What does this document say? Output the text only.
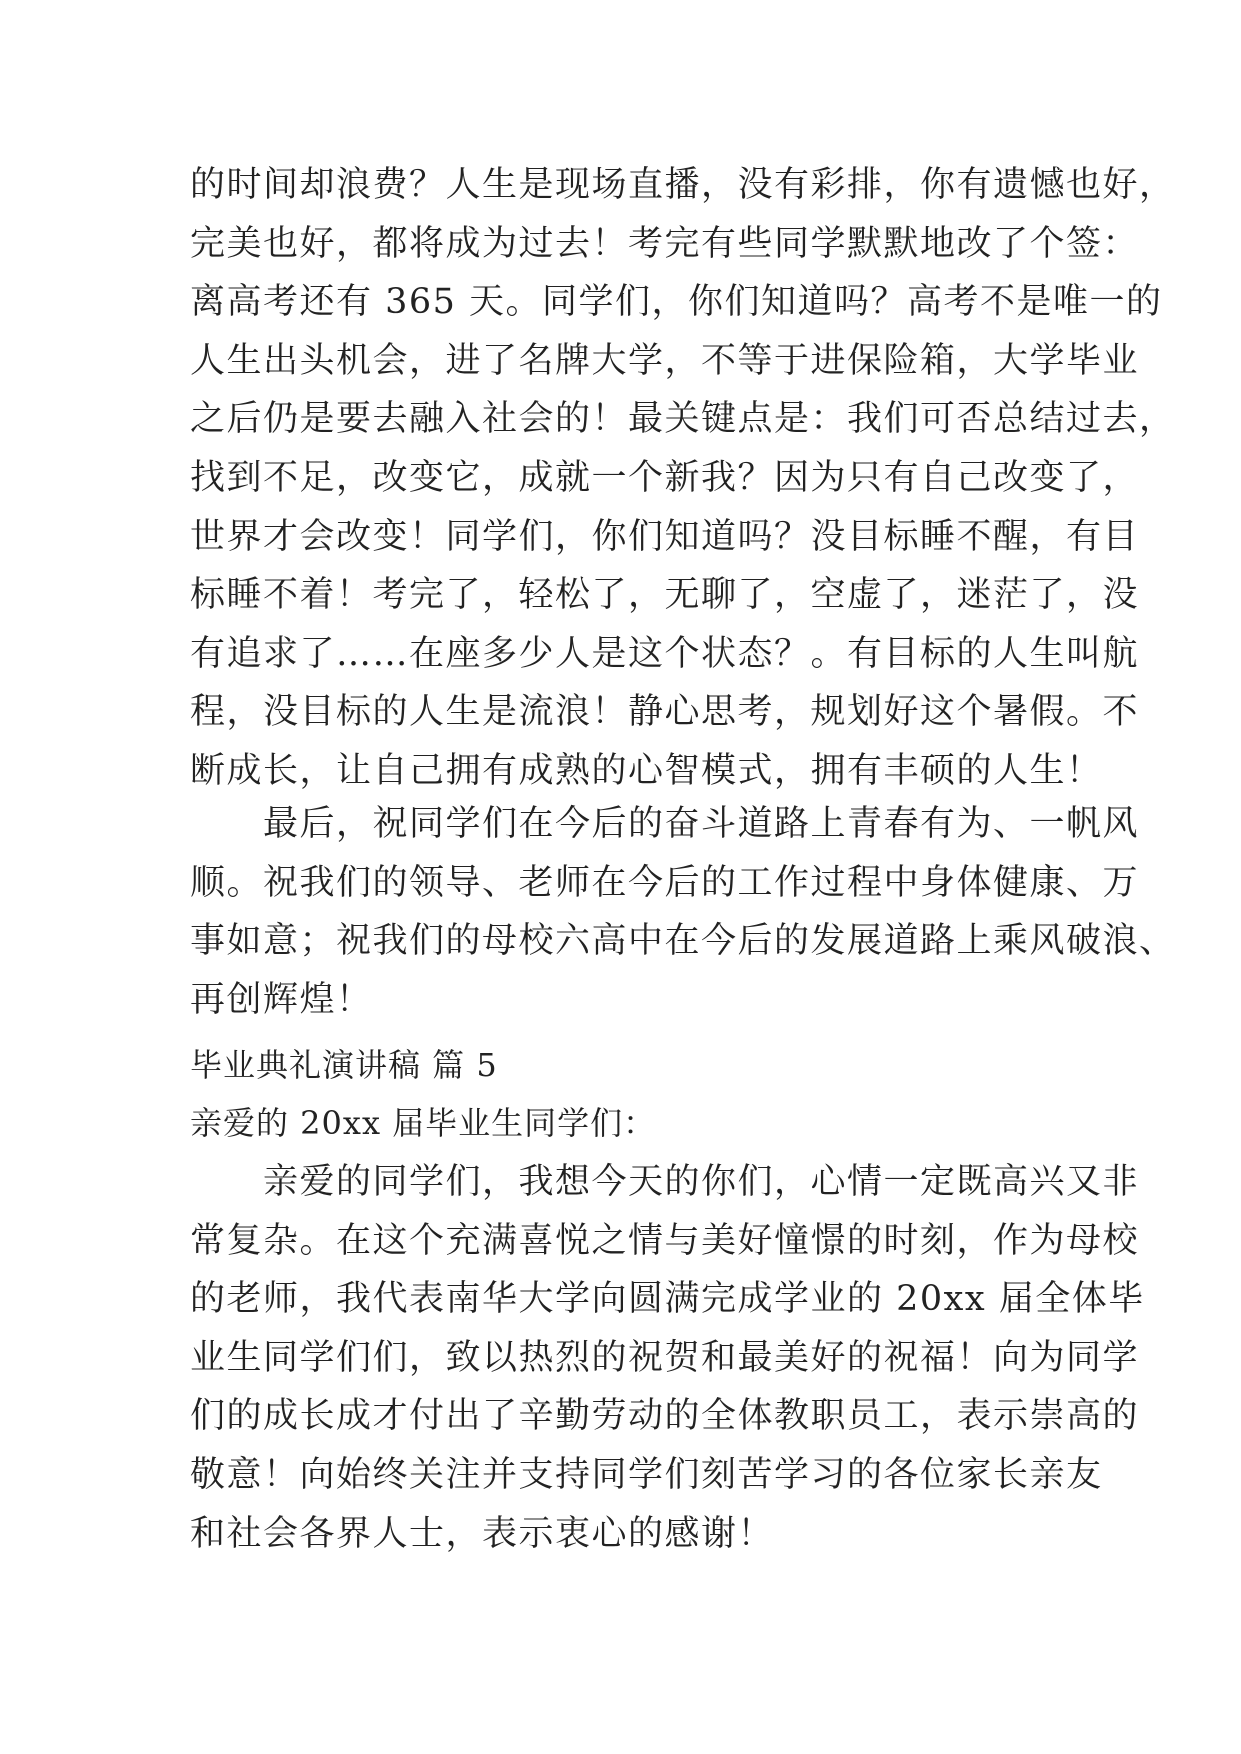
的时间却浪费？人生是现场直播，没有彩排，你有遗憾也好，
完美也好，都将成为过去！考完有些同学默默地改了个签：
离高考还有 365 天。同学们，你们知道吗？高考不是唯一的
人生出头机会，进了名牌大学，不等于进保险箱，大学毕业
之后仍是要去融入社会的！最关键点是：我们可否总结过去，
找到不足，改变它，成就一个新我？因为只有自己改变了，
世界才会改变！同学们，你们知道吗？没目标睡不醒，有目
标睡不着！考完了，轻松了，无聊了，空虚了，迷茫了，没
有追求了……在座多少人是这个状态？。有目标的人生叫航
程，没目标的人生是流浪！静心思考，规划好这个暑假。不
断成长，让自己拥有成熟的心智模式，拥有丰硕的人生！
　　最后，祝同学们在今后的奋斗道路上青春有为、一帆风
顺。祝我们的领导、老师在今后的工作过程中身体健康、万
事如意；祝我们的母校六高中在今后的发展道路上乘风破浪、
再创辉煌！
毕业典礼演讲稿 篇 5
亲爱的 20xx 届毕业生同学们：
　　亲爱的同学们，我想今天的你们，心情一定既高兴又非
常复杂。在这个充满喜悦之情与美好憧憬的时刻，作为母校
的老师，我代表南华大学向圆满完成学业的 20xx 届全体毕
业生同学们们，致以热烈的祝贺和最美好的祝福！向为同学
们的成长成才付出了辛勤劳动的全体教职员工，表示崇高的
敬意！向始终关注并支持同学们刻苦学习的各位家长亲友
和社会各界人士，表示衷心的感谢！
